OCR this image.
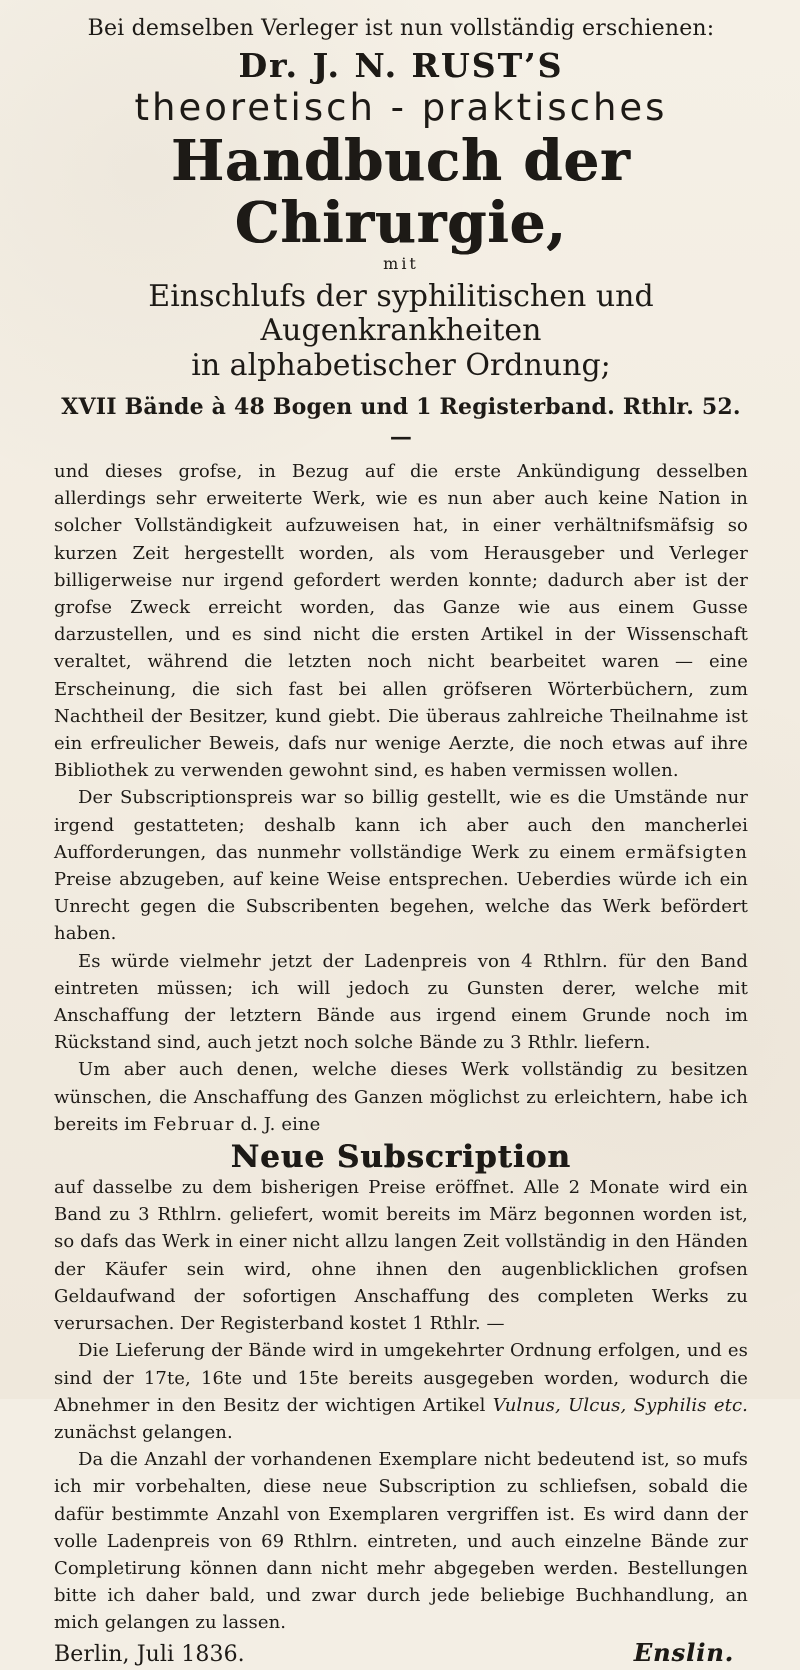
Bei demselben Verleger ist nun vollständig erschienen:

Dr. J. N. RUST’S

theoretisch - praktisches

Handbuch der Chirurgie,

mit

Einschlufs der syphilitischen und Augenkrankheiten

in alphabetischer Ordnung;

XVII Bände à 48 Bogen und 1 Registerband. Rthlr. 52. —

und dieses grofse, in Bezug auf die erste Ankündigung desselben allerdings sehr erweiterte Werk, wie es nun aber auch keine Nation in solcher Vollständigkeit aufzuweisen hat, in einer verhältnifsmäfsig so kurzen Zeit hergestellt worden, als vom Herausgeber und Verleger billigerweise nur irgend gefordert werden konnte; dadurch aber ist der grofse Zweck erreicht worden, das Ganze wie aus einem Gusse darzustellen, und es sind nicht die ersten Artikel in der Wissenschaft veraltet, während die letzten noch nicht bearbeitet waren — eine Erscheinung, die sich fast bei allen gröfseren Wörterbüchern, zum Nachtheil der Besitzer, kund giebt. Die überaus zahlreiche Theilnahme ist ein erfreulicher Beweis, dafs nur wenige Aerzte, die noch etwas auf ihre Bibliothek zu verwenden gewohnt sind, es haben vermissen wollen.

Der Subscriptionspreis war so billig gestellt, wie es die Umstände nur irgend gestatteten; deshalb kann ich aber auch den mancherlei Aufforderungen, das nunmehr vollständige Werk zu einem ermäfsigten Preise abzugeben, auf keine Weise entsprechen. Ueberdies würde ich ein Unrecht gegen die Subscribenten begehen, welche das Werk befördert haben.

Es würde vielmehr jetzt der Ladenpreis von 4 Rthlrn. für den Band eintreten müssen; ich will jedoch zu Gunsten derer, welche mit Anschaffung der letztern Bände aus irgend einem Grunde noch im Rückstand sind, auch jetzt noch solche Bände zu 3 Rthlr. liefern.

Um aber auch denen, welche dieses Werk vollständig zu besitzen wünschen, die Anschaffung des Ganzen möglichst zu erleichtern, habe ich bereits im Februar d. J. eine

Neue Subscription

auf dasselbe zu dem bisherigen Preise eröffnet. Alle 2 Monate wird ein Band zu 3 Rthlrn. geliefert, womit bereits im März begonnen worden ist, so dafs das Werk in einer nicht allzu langen Zeit vollständig in den Händen der Käufer sein wird, ohne ihnen den augenblicklichen grofsen Geldaufwand der sofortigen Anschaffung des completen Werks zu verursachen. Der Registerband kostet 1 Rthlr. —

Die Lieferung der Bände wird in umgekehrter Ordnung erfolgen, und es sind der 17te, 16te und 15te bereits ausgegeben worden, wodurch die Abnehmer in den Besitz der wichtigen Artikel Vulnus, Ulcus, Syphilis etc. zunächst gelangen.

Da die Anzahl der vorhandenen Exemplare nicht bedeutend ist, so mufs ich mir vorbehalten, diese neue Subscription zu schliefsen, sobald die dafür bestimmte Anzahl von Exemplaren vergriffen ist. Es wird dann der volle Ladenpreis von 69 Rthlrn. eintreten, und auch einzelne Bände zur Completirung können dann nicht mehr abgegeben werden. Bestellungen bitte ich daher bald, und zwar durch jede beliebige Buchhandlung, an mich gelangen zu lassen.

Berlin, Juli 1836.	Enslin.
